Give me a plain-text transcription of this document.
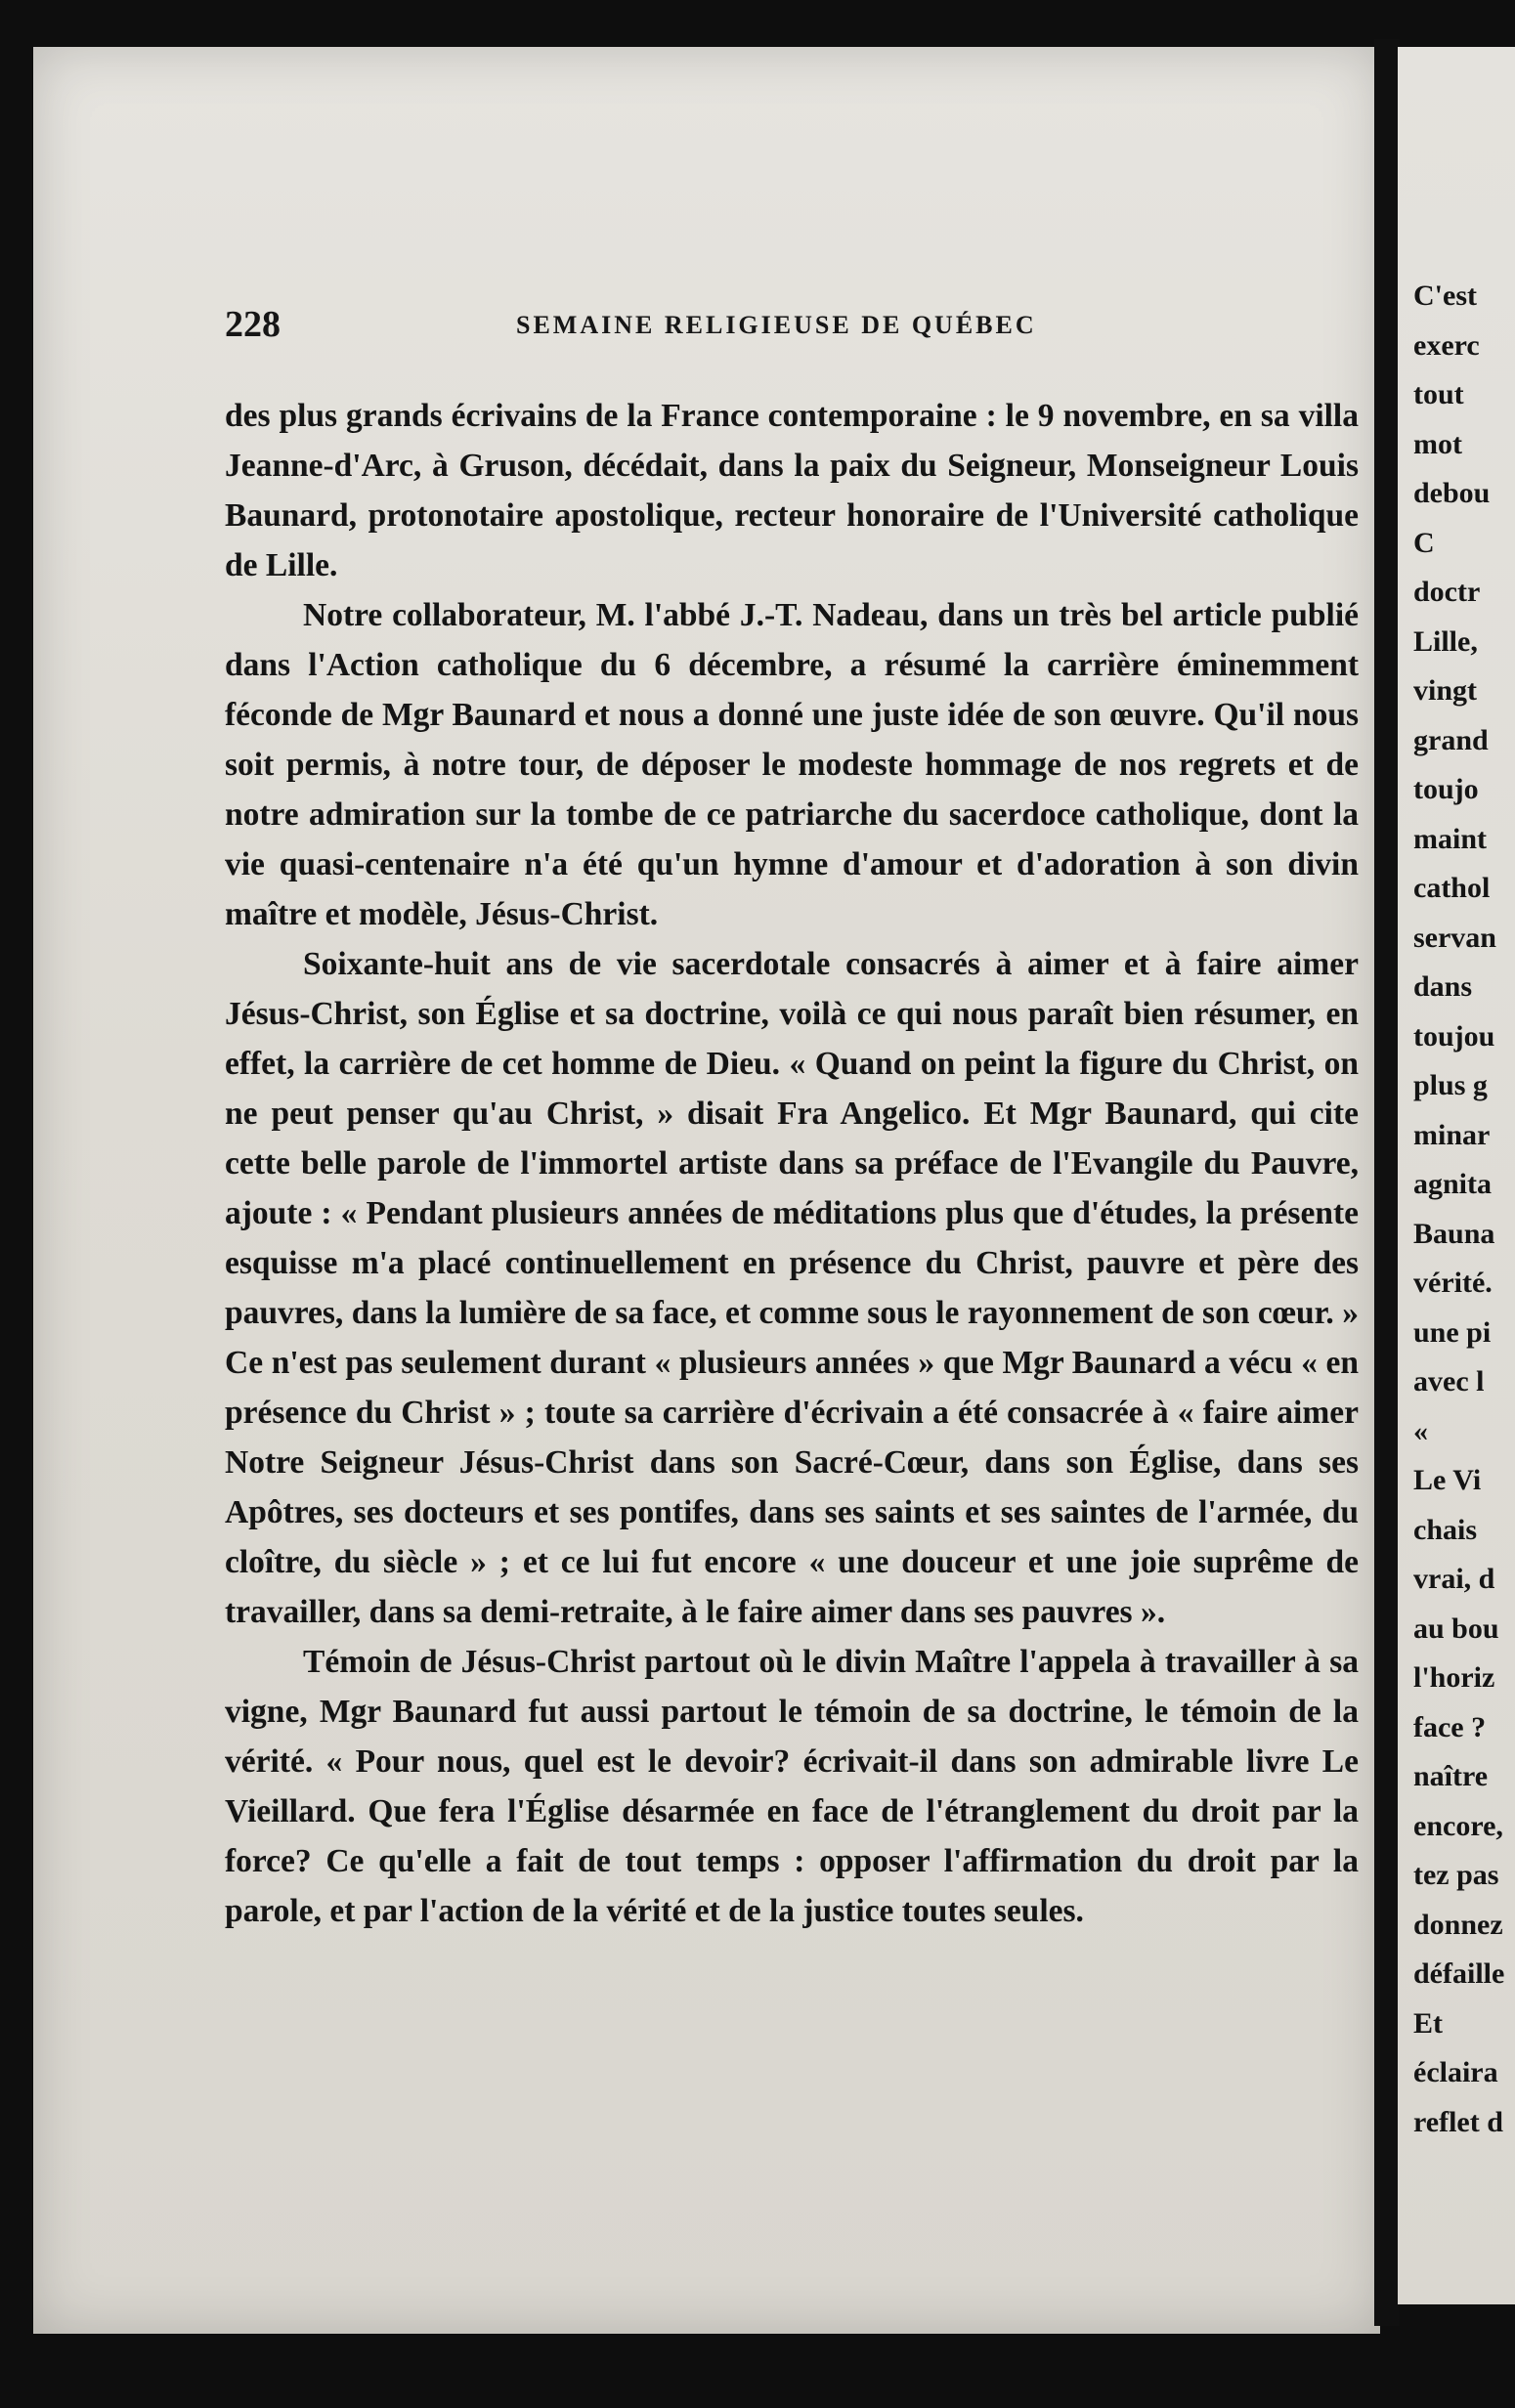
228	SEMAINE RELIGIEUSE DE QUÉBEC

des plus grands écrivains de la France contemporaine : le 9 novembre, en sa villa Jeanne-d'Arc, à Gruson, décédait, dans la paix du Seigneur, Monseigneur Louis Baunard, protonotaire apostolique, recteur honoraire de l'Université catholique de Lille.

Notre collaborateur, M. l'abbé J.-T. Nadeau, dans un très bel article publié dans l'Action catholique du 6 décembre, a résumé la carrière éminemment féconde de Mgr Baunard et nous a donné une juste idée de son œuvre. Qu'il nous soit permis, à notre tour, de déposer le modeste hommage de nos regrets et de notre admiration sur la tombe de ce patriarche du sacerdoce catholique, dont la vie quasi-centenaire n'a été qu'un hymne d'amour et d'adoration à son divin maître et modèle, Jésus-Christ.

Soixante-huit ans de vie sacerdotale consacrés à aimer et à faire aimer Jésus-Christ, son Église et sa doctrine, voilà ce qui nous paraît bien résumer, en effet, la carrière de cet homme de Dieu. « Quand on peint la figure du Christ, on ne peut penser qu'au Christ, » disait Fra Angelico. Et Mgr Baunard, qui cite cette belle parole de l'immortel artiste dans sa préface de l'Evangile du Pauvre, ajoute : « Pendant plusieurs années de méditations plus que d'études, la présente esquisse m'a placé continuellement en présence du Christ, pauvre et père des pauvres, dans la lumière de sa face, et comme sous le rayonnement de son cœur. » Ce n'est pas seulement durant « plusieurs années » que Mgr Baunard a vécu « en présence du Christ » ; toute sa carrière d'écrivain a été consacrée à « faire aimer Notre Seigneur Jésus-Christ dans son Sacré-Cœur, dans son Église, dans ses Apôtres, ses docteurs et ses pontifes, dans ses saints et ses saintes de l'armée, du cloître, du siècle » ; et ce lui fut encore « une douceur et une joie suprême de travailler, dans sa demi-retraite, à le faire aimer dans ses pauvres ».

Témoin de Jésus-Christ partout où le divin Maître l'appela à travailler à sa vigne, Mgr Baunard fut aussi partout le témoin de sa doctrine, le témoin de la vérité. « Pour nous, quel est le devoir? écrivait-il dans son admirable livre Le Vieillard. Que fera l'Église désarmée en face de l'étranglement du droit par la force? Ce qu'elle a fait de tout temps : opposer l'affirmation du droit par la parole, et par l'action de la vérité et de la justice toutes seules.

C'est
exerc
tout
mot
debou
C
doctr
Lille,
vingt
grand
toujo
maint
cathol
servan
dans
toujou
plus g
minar
agnita
Bauna
vérité.
une pi
avec l
«
Le Vi
chais
vrai, d
au bou
l'horiz
face ?
naître
encore,
tez pas
donnez
défaille
Et
éclaira
reflet d
